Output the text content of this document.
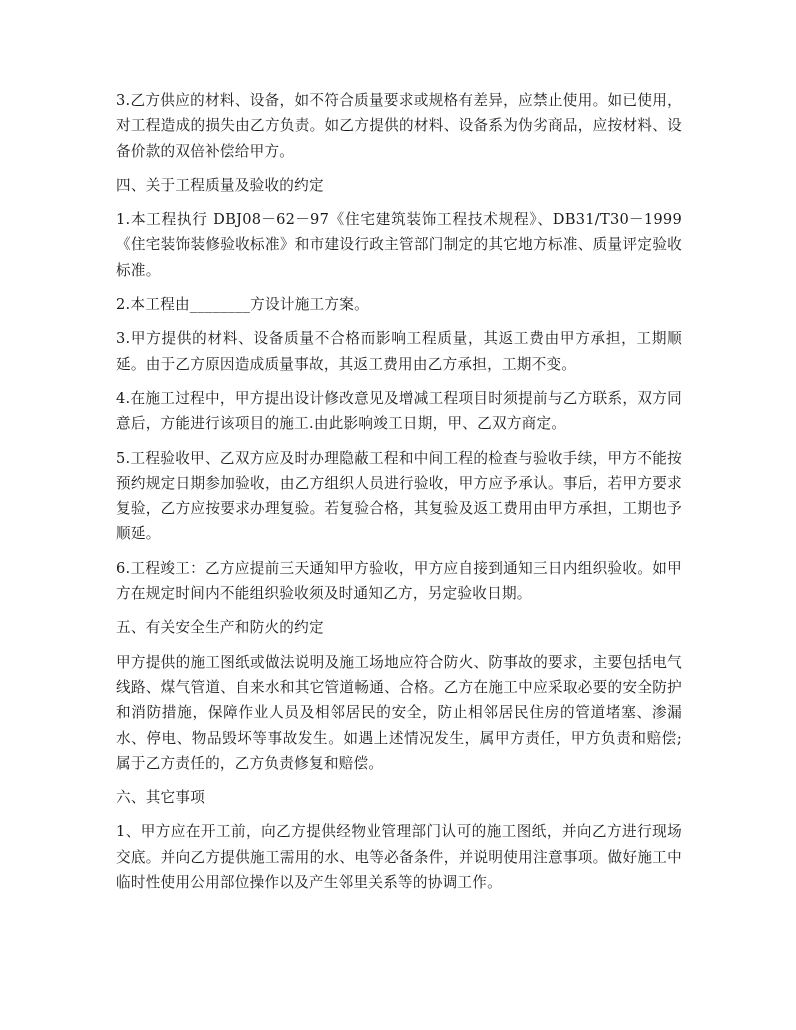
3.乙方供应的材料、设备，如不符合质量要求或规格有差异，应禁止使用。如已使用，对工程造成的损失由乙方负责。如乙方提供的材料、设备系为伪劣商品，应按材料、设备价款的双倍补偿给甲方。

四、关于工程质量及验收的约定

1.本工程执行 DBJ08－62－97《住宅建筑装饰工程技术规程》、DB31/T30－1999《住宅装饰装修验收标准》和市建设行政主管部门制定的其它地方标准、质量评定验收标准。

2.本工程由________方设计施工方案。

3.甲方提供的材料、设备质量不合格而影响工程质量，其返工费由甲方承担，工期顺延。由于乙方原因造成质量事故，其返工费用由乙方承担，工期不变。

4.在施工过程中，甲方提出设计修改意见及增减工程项目时须提前与乙方联系，双方同意后，方能进行该项目的施工.由此影响竣工日期，甲、乙双方商定。

5.工程验收甲、乙双方应及时办理隐蔽工程和中间工程的检查与验收手续，甲方不能按预约规定日期参加验收，由乙方组织人员进行验收，甲方应予承认。事后，若甲方要求复验，乙方应按要求办理复验。若复验合格，其复验及返工费用由甲方承担，工期也予顺延。

6.工程竣工：乙方应提前三天通知甲方验收，甲方应自接到通知三日内组织验收。如甲方在规定时间内不能组织验收须及时通知乙方，另定验收日期。

五、有关安全生产和防火的约定

甲方提供的施工图纸或做法说明及施工场地应符合防火、防事故的要求，主要包括电气线路、煤气管道、自来水和其它管道畅通、合格。乙方在施工中应采取必要的安全防护和消防措施，保障作业人员及相邻居民的安全，防止相邻居民住房的管道堵塞、渗漏水、停电、物品毁坏等事故发生。如遇上述情况发生，属甲方责任，甲方负责和赔偿;属于乙方责任的，乙方负责修复和赔偿。

六、其它事项

1、甲方应在开工前，向乙方提供经物业管理部门认可的施工图纸，并向乙方进行现场交底。并向乙方提供施工需用的水、电等必备条件，并说明使用注意事项。做好施工中临时性使用公用部位操作以及产生邻里关系等的协调工作。
